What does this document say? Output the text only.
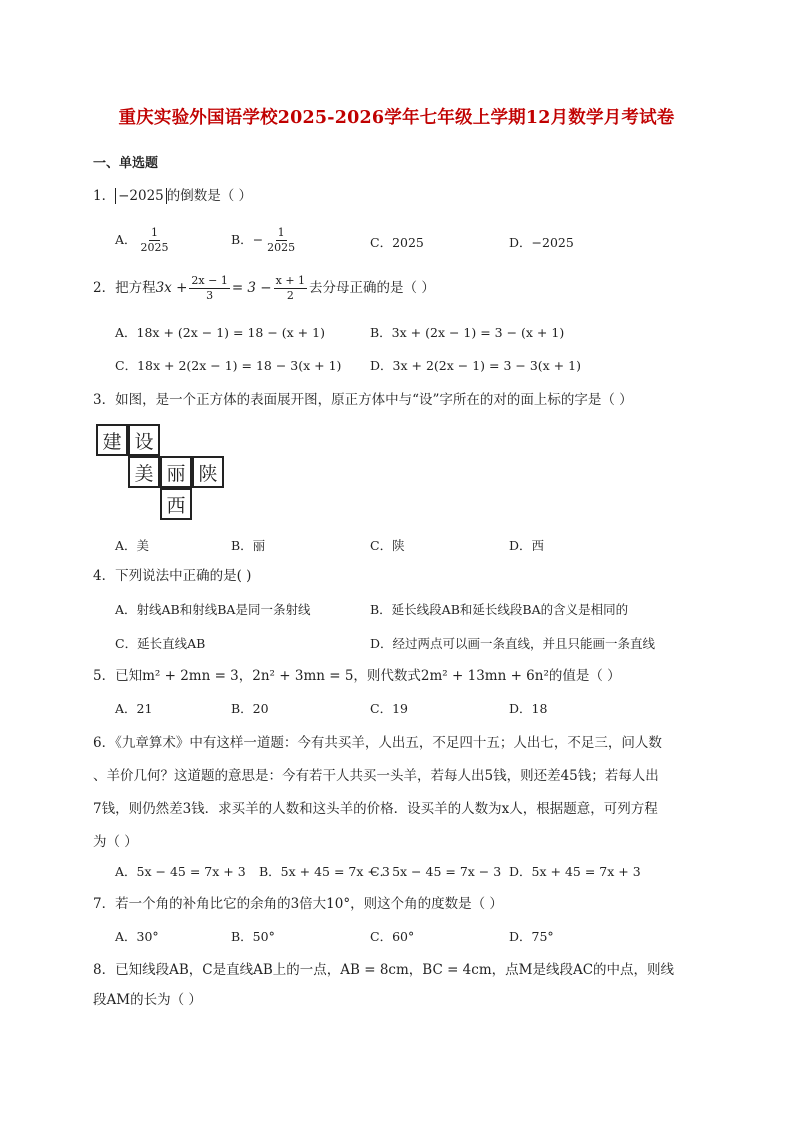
重庆实验外国语学校2025-2026学年七年级上学期12月数学月考试卷
一、单选题
1． −2025 的倒数是（ ）
A． $\frac{1}{2025}$	B．− $\frac{1}{2025}$	C．2025	D．−2025
2．把方程$3x + \frac{2x - 1}{3} = 3 - \frac{x + 1}{2}$ 去分母正确的是（ ）
A．18x + (2x − 1) = 18 − (x + 1)	B．3x + (2x − 1) = 3 − (x + 1)
C．18x + 2(2x − 1) = 18 − 3(x + 1) D．3x + 2(2x − 1) = 3 − 3(x + 1)
3．如图，是一个正方体的表面展开图，原正方体中与“设”字所在的对的面上标的字是（ ）
建 设
美 丽 陕
西
A．美	B．丽	C．陕	D．西
4．下列说法中正确的是( )
A．射线AB和射线BA是同一条射线	B．延长线段AB和延长线段BA的含义是相同的
C．延长直线AB	D．经过两点可以画一条直线，并且只能画一条直线
5．已知m² + 2mn = 3，2n² + 3mn = 5，则代数式2m² + 13mn + 6n²的值是（ ）
A．21	B．20	C．19	D．18
6．《九章算术》中有这样一道题：今有共买羊，人出五，不足四十五；人出七，不足三，问人数
、羊价几何？这道题的意思是：今有若干人共买一头羊，若每人出5钱，则还差45钱；若每人出
7钱，则仍然差3钱．求买羊的人数和这头羊的价格．设买羊的人数为x人，根据题意，可列方程
为（ ）
A．5x − 45 = 7x + 3 B．5x + 45 = 7x − 3
C．5x − 45 = 7x − 3 D．5x + 45 = 7x + 3
7．若一个角的补角比它的余角的3倍大10°，则这个角的度数是（ ）
A．30°	B．50°	C．60°	D．75°
8．已知线段AB，C是直线AB上的一点，AB = 8cm，BC = 4cm，点M是线段AC的中点，则线
段AM的长为（ ）
